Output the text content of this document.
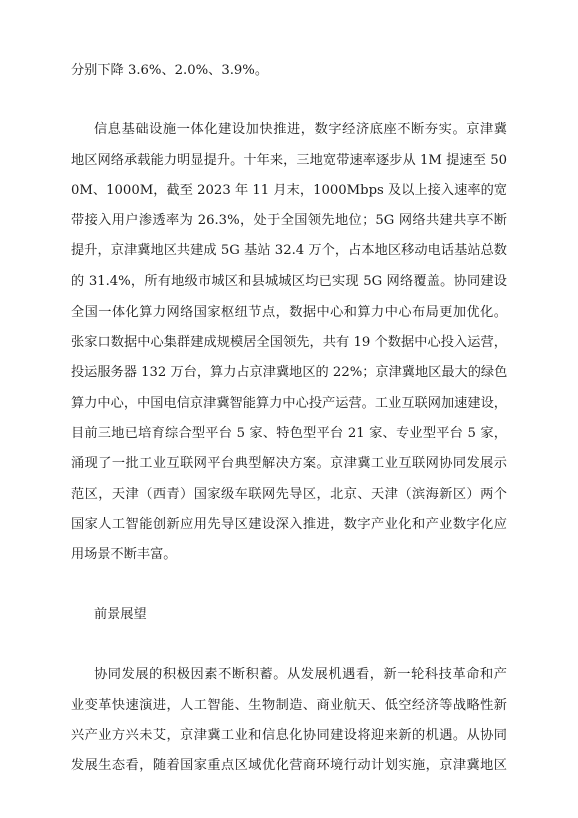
分别下降 3.6%、2.0%、3.9%。
信息基础设施一体化建设加快推进，数字经济底座不断夯实。京津冀
地区网络承载能力明显提升。十年来，三地宽带速率逐步从 1M 提速至 50
0M、1000M，截至 2023 年 11 月末，1000Mbps 及以上接入速率的宽
带接入用户渗透率为 26.3%，处于全国领先地位；5G 网络共建共享不断
提升，京津冀地区共建成 5G 基站 32.4 万个，占本地区移动电话基站总数
的 31.4%，所有地级市城区和县城城区均已实现 5G 网络覆盖。协同建设
全国一体化算力网络国家枢纽节点，数据中心和算力中心布局更加优化。
张家口数据中心集群建成规模居全国领先，共有 19 个数据中心投入运营，
投运服务器 132 万台，算力占京津冀地区的 22%；京津冀地区最大的绿色
算力中心，中国电信京津冀智能算力中心投产运营。工业互联网加速建设，
目前三地已培育综合型平台 5 家、特色型平台 21 家、专业型平台 5 家，
涌现了一批工业互联网平台典型解决方案。京津冀工业互联网协同发展示
范区，天津（西青）国家级车联网先导区，北京、天津（滨海新区）两个
国家人工智能创新应用先导区建设深入推进，数字产业化和产业数字化应
用场景不断丰富。
前景展望
协同发展的积极因素不断积蓄。从发展机遇看，新一轮科技革命和产
业变革快速演进，人工智能、生物制造、商业航天、低空经济等战略性新
兴产业方兴未艾，京津冀工业和信息化协同建设将迎来新的机遇。从协同
发展生态看，随着国家重点区域优化营商环境行动计划实施，京津冀地区
